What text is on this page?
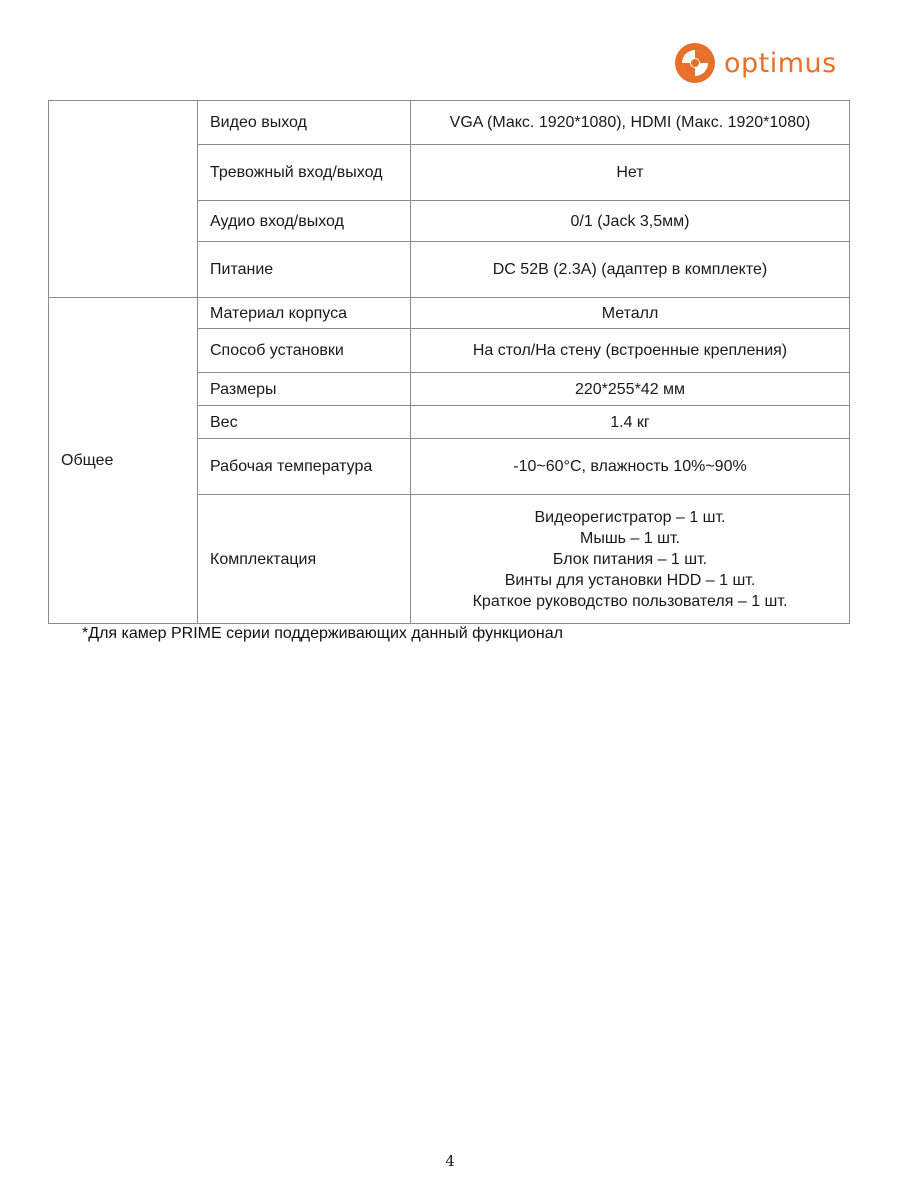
optimus
	Видео выход	VGA (Макс. 1920*1080), HDMI (Макс. 1920*1080)
	Тревожный вход/выход	Нет
	Аудио вход/выход	0/1 (Jack 3,5мм)
	Питание	DC 52В (2.3А) (адаптер в комплекте)
Общее	Материал корпуса	Металл
	Способ установки	На стол/На стену (встроенные крепления)
	Размеры	220*255*42 мм
	Вес	1.4 кг
	Рабочая температура	-10~60°С, влажность 10%~90%
	Комплектация	Видеорегистратор – 1 шт.
Мышь – 1 шт.
Блок питания – 1 шт.
Винты для установки HDD – 1 шт.
Краткое руководство пользователя – 1 шт.
*Для камер PRIME серии поддерживающих данный функционал
4
